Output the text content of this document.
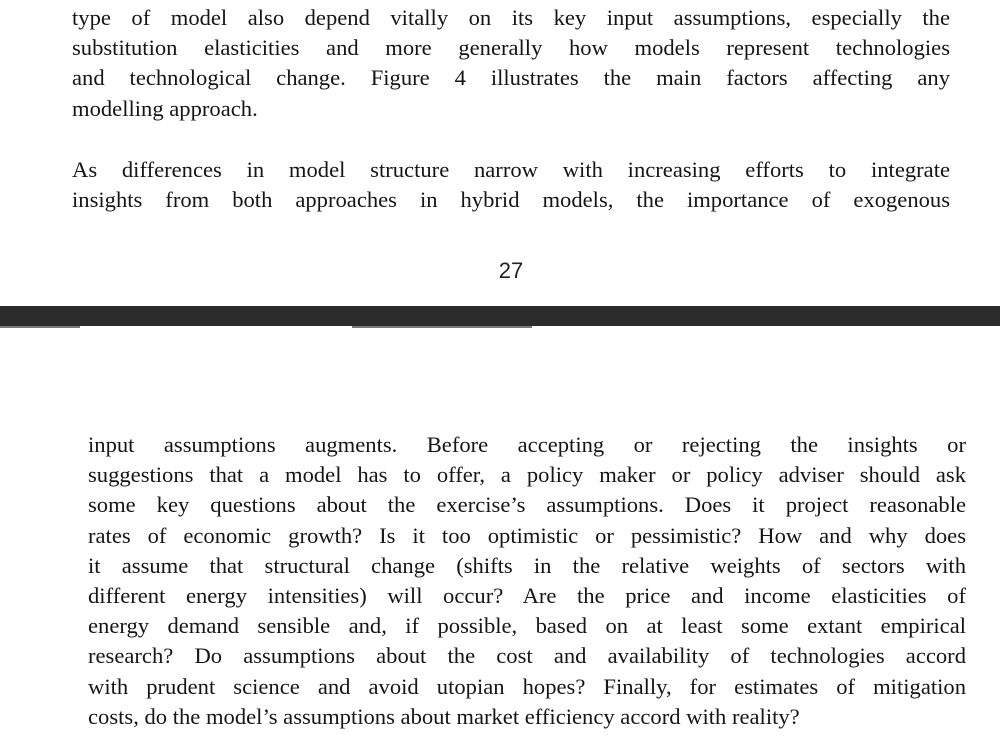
type of model also depend vitally on its key input assumptions, especially the
substitution elasticities and more generally how models represent technologies
and technological change. Figure 4 illustrates the main factors affecting any
modelling approach.
As differences in model structure narrow with increasing efforts to integrate
insights from both approaches in hybrid models, the importance of exogenous
27
input assumptions augments. Before accepting or rejecting the insights or
suggestions that a model has to offer, a policy maker or policy adviser should ask
some key questions about the exercise’s assumptions. Does it project reasonable
rates of economic growth? Is it too optimistic or pessimistic? How and why does
it assume that structural change (shifts in the relative weights of sectors with
different energy intensities) will occur? Are the price and income elasticities of
energy demand sensible and, if possible, based on at least some extant empirical
research? Do assumptions about the cost and availability of technologies accord
with prudent science and avoid utopian hopes? Finally, for estimates of mitigation
costs, do the model’s assumptions about market efficiency accord with reality?
